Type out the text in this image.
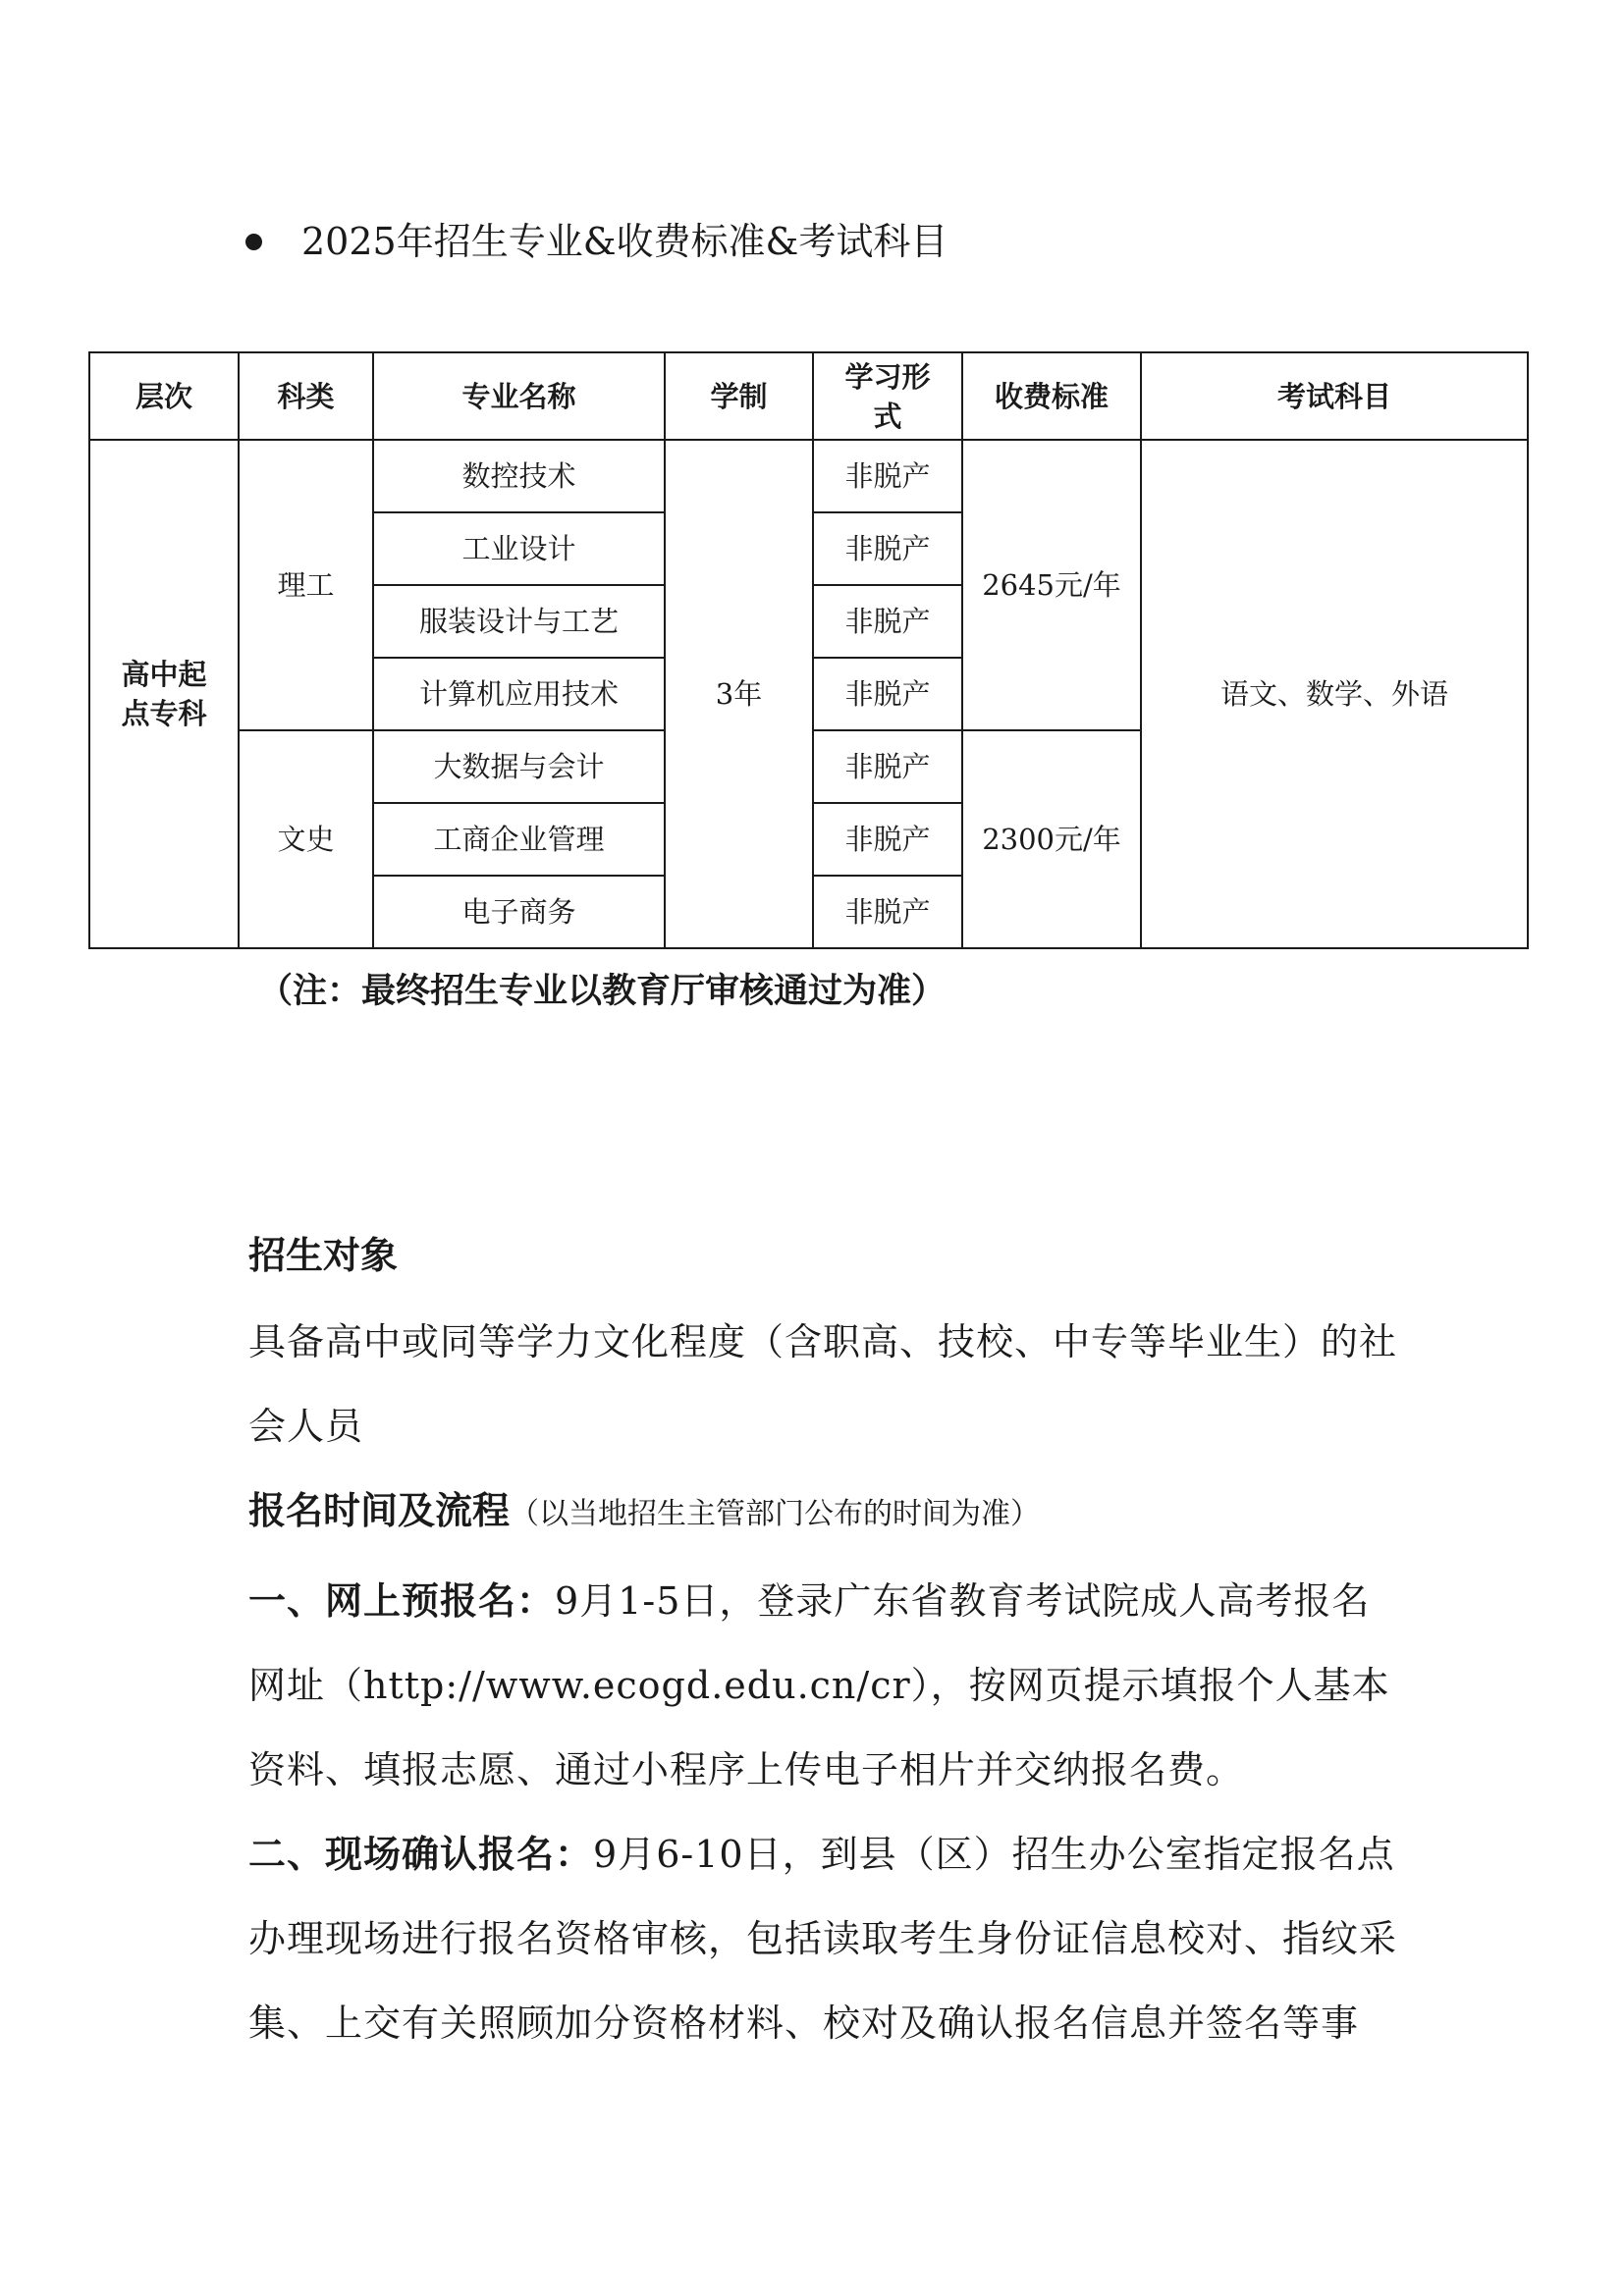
2025年招生专业&收费标准&考试科目
层次	科类	专业名称	学制	学习形式	收费标准	考试科目

高中起点专科	理工	数控技术	3年	非脱产	2645元/年	语文、数学、外语
		工业设计		非脱产		
		服装设计与工艺		非脱产		
		计算机应用技术		非脱产		
	文史	大数据与会计		非脱产	2300元/年	
		工商企业管理		非脱产		
		电子商务		非脱产		
（注：最终招生专业以教育厅审核通过为准）
招生对象

具备高中或同等学力文化程度（含职高、技校、中专等毕业生）的社会人员

报名时间及流程（以当地招生主管部门公布的时间为准）

一、网上预报名：9月1-5日，登录广东省教育考试院成人高考报名网址（http://www.ecogd.edu.cn/cr），按网页提示填报个人基本资料、填报志愿、通过小程序上传电子相片并交纳报名费。

二、现场确认报名：9月6-10日，到县（区）招生办公室指定报名点办理现场进行报名资格审核，包括读取考生身份证信息校对、指纹采集、上交有关照顾加分资格材料、校对及确认报名信息并签名等事
